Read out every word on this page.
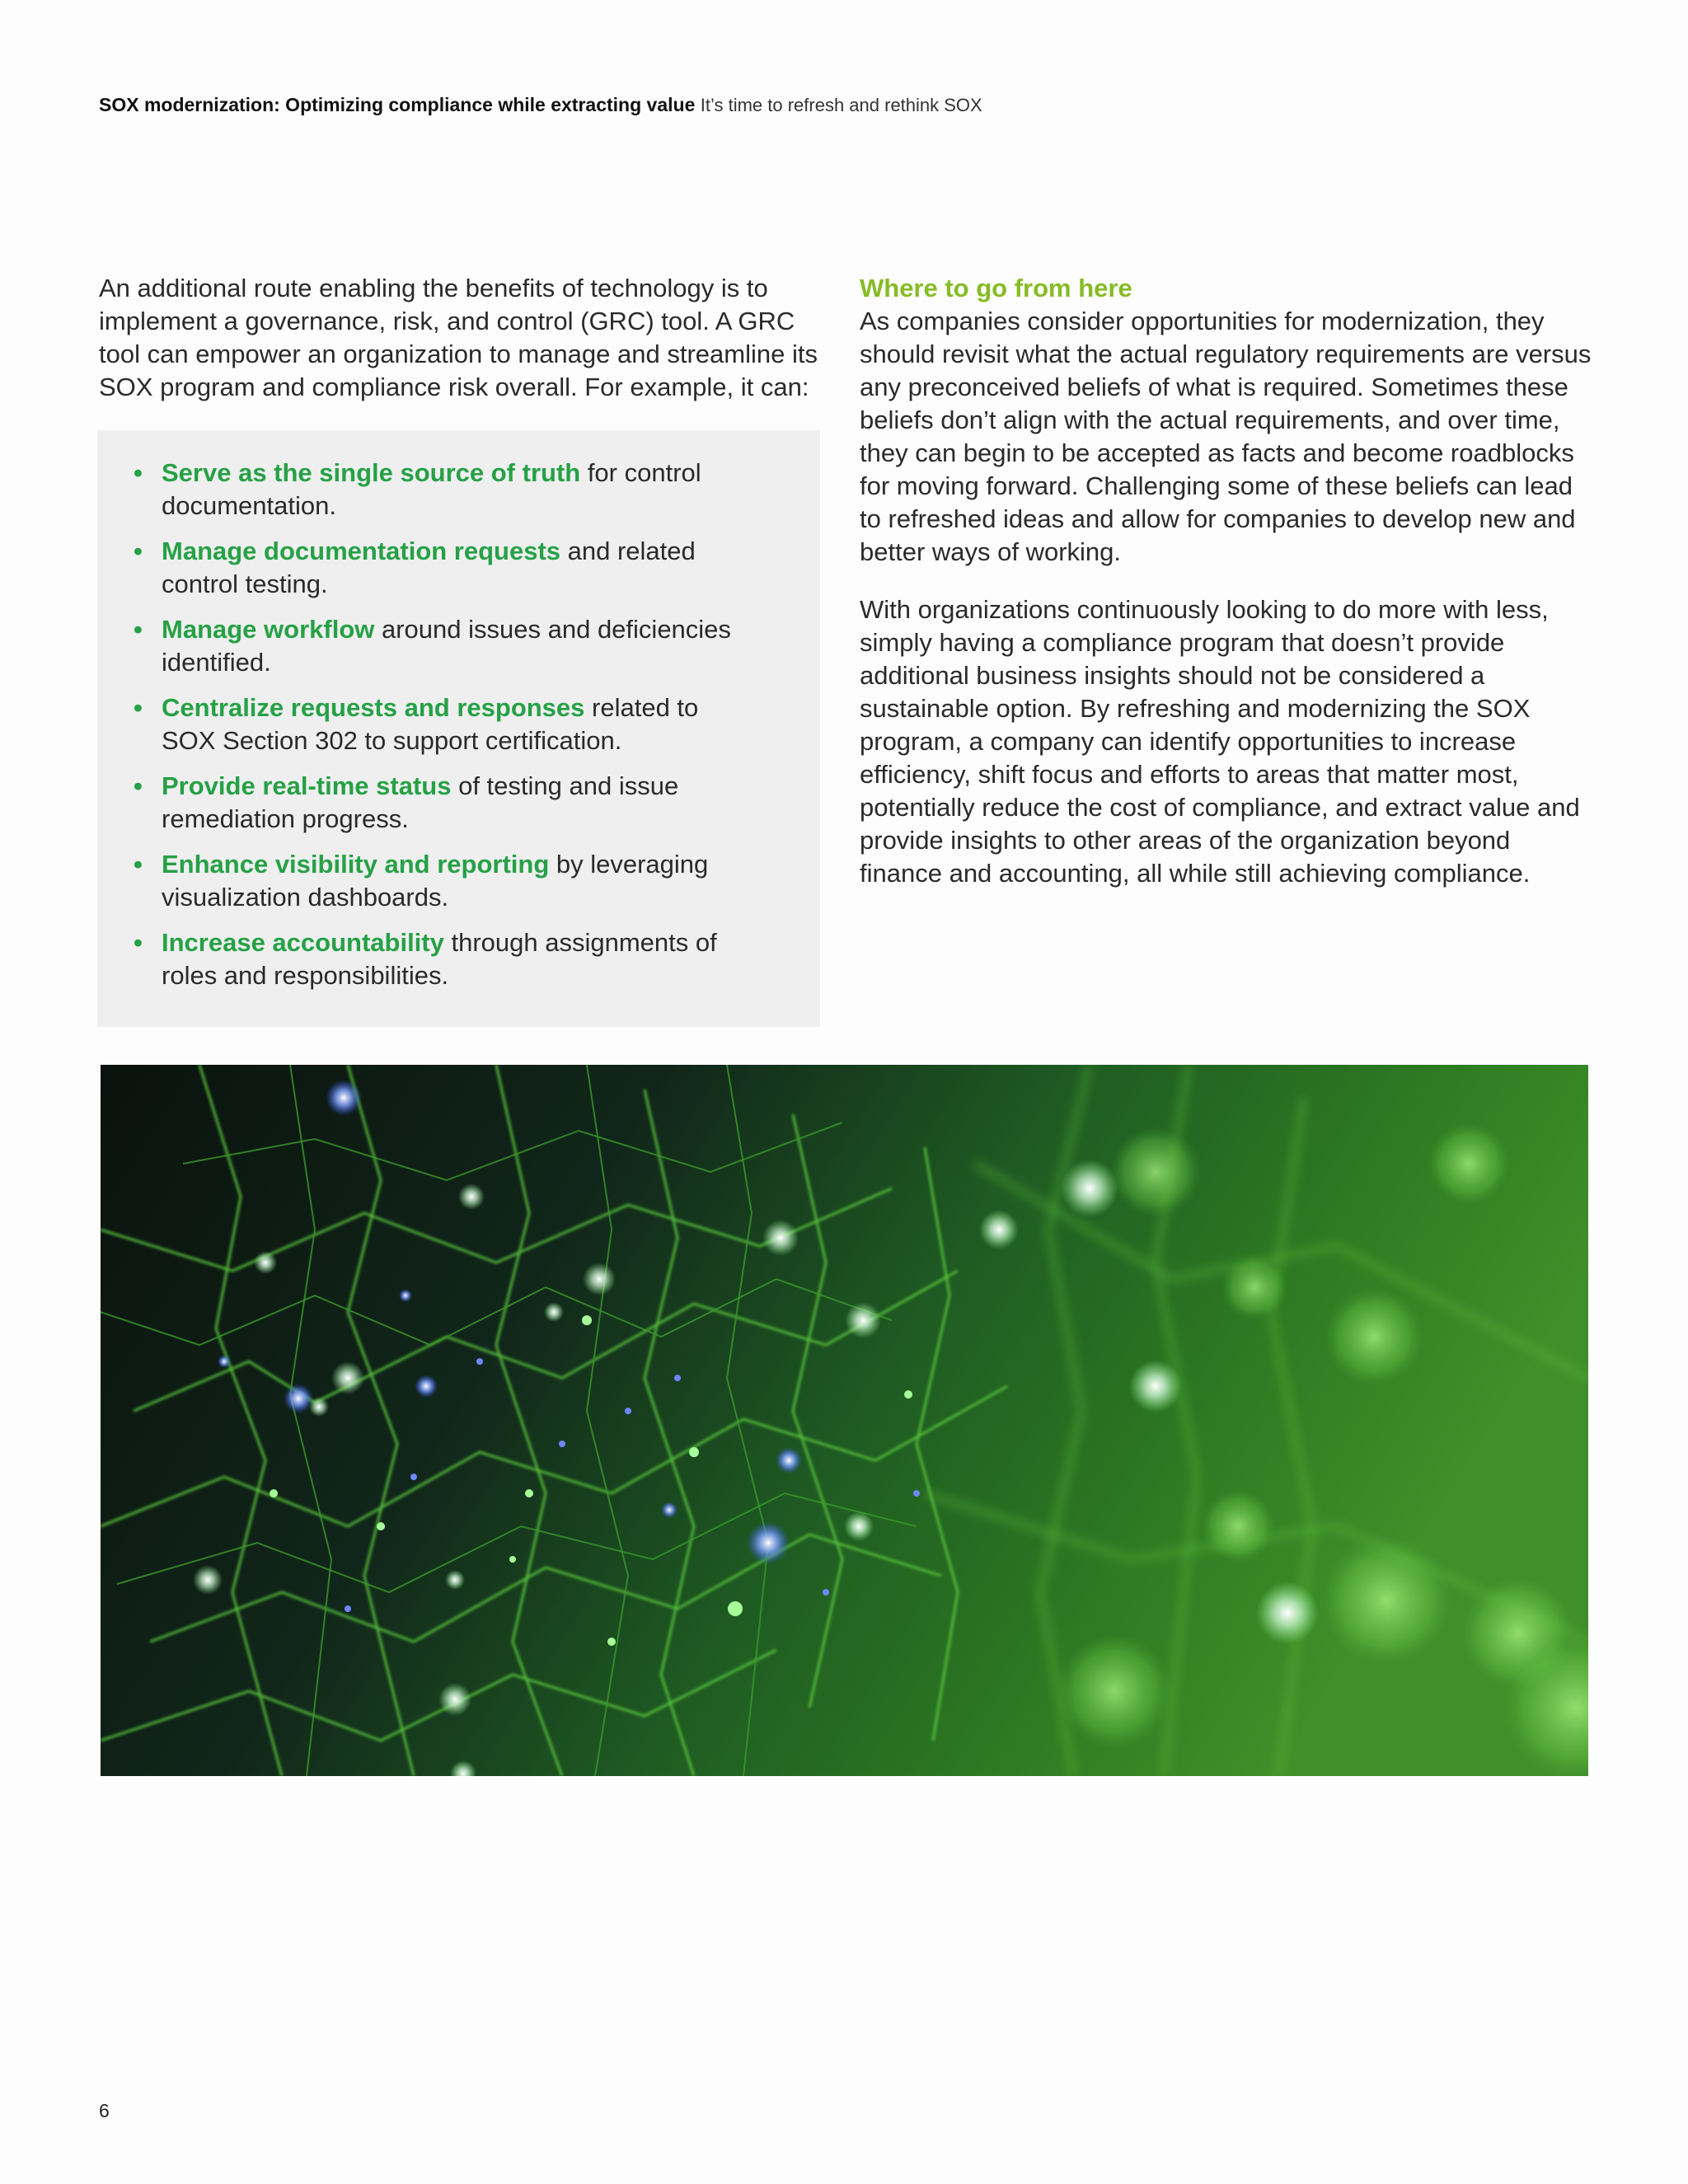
SOX modernization: Optimizing compliance while extracting value It’s time to refresh and rethink SOX

An additional route enabling the benefits of technology is to implement a governance, risk, and control (GRC) tool. A GRC tool can empower an organization to manage and streamline its SOX program and compliance risk overall. For example, it can:

• Serve as the single source of truth for control documentation.
• Manage documentation requests and related control testing.
• Manage workflow around issues and deficiencies identified.
• Centralize requests and responses related to SOX Section 302 to support certification.
• Provide real-time status of testing and issue remediation progress.
• Enhance visibility and reporting by leveraging visualization dashboards.
• Increase accountability through assignments of roles and responsibilities.
Where to go from here

As companies consider opportunities for modernization, they should revisit what the actual regulatory requirements are versus any preconceived beliefs of what is required. Sometimes these beliefs don’t align with the actual requirements, and over time, they can begin to be accepted as facts and become roadblocks for moving forward. Challenging some of these beliefs can lead to refreshed ideas and allow for companies to develop new and better ways of working.

With organizations continuously looking to do more with less, simply having a compliance program that doesn’t provide additional business insights should not be considered a sustainable option. By refreshing and modernizing the SOX program, a company can identify opportunities to increase efficiency, shift focus and efforts to areas that matter most, potentially reduce the cost of compliance, and extract value and provide insights to other areas of the organization beyond finance and accounting, all while still achieving compliance.

6
